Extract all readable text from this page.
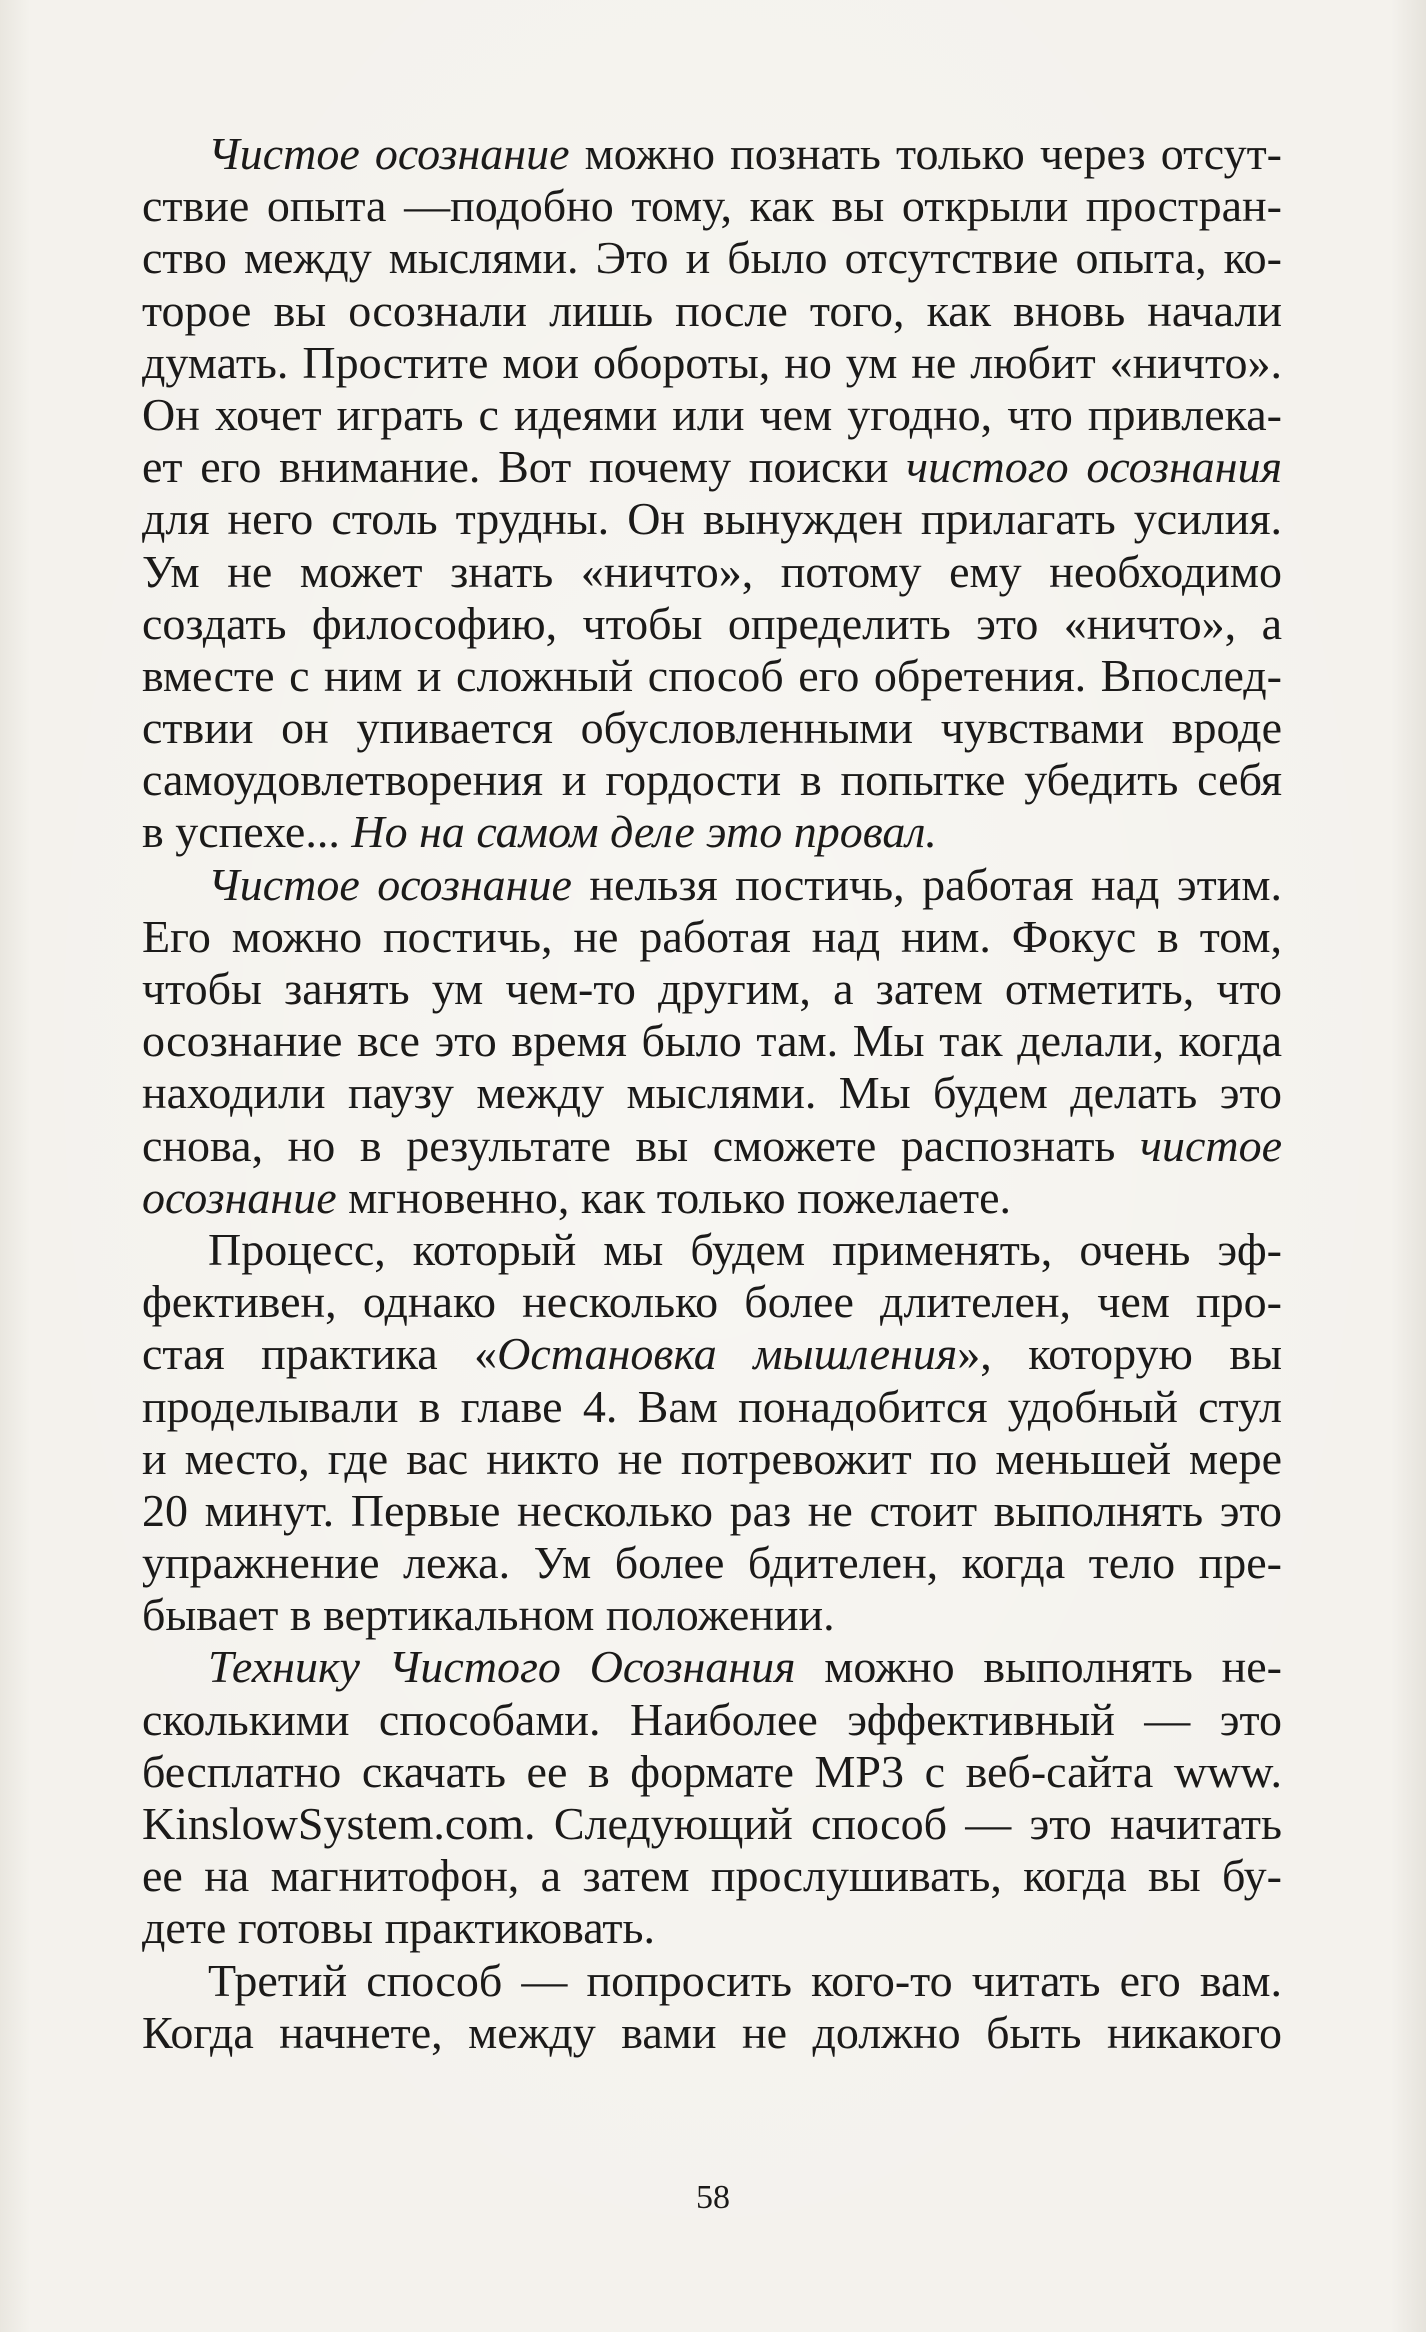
Чистое осознание можно познать только через отсут-
ствие опыта —подобно тому, как вы открыли простран-
ство между мыслями. Это и было отсутствие опыта, ко-
торое вы осознали лишь после того, как вновь начали
думать. Простите мои обороты, но ум не любит «ничто».
Он хочет играть с идеями или чем угодно, что привлека-
ет его внимание. Вот почему поиски чистого осознания
для него столь трудны. Он вынужден прилагать усилия.
Ум не может знать «ничто», потому ему необходимо
создать философию, чтобы определить это «ничто», а
вместе с ним и сложный способ его обретения. Впослед-
ствии он упивается обусловленными чувствами вроде
самоудовлетворения и гордости в попытке убедить себя
в успехе... Но на самом деле это провал.
Чистое осознание нельзя постичь, работая над этим.
Его можно постичь, не работая над ним. Фокус в том,
чтобы занять ум чем-то другим, а затем отметить, что
осознание все это время было там. Мы так делали, когда
находили паузу между мыслями. Мы будем делать это
снова, но в результате вы сможете распознать чистое
осознание мгновенно, как только пожелаете.
Процесс, который мы будем применять, очень эф-
фективен, однако несколько более длителен, чем про-
стая практика «Остановка мышления», которую вы
проделывали в главе 4. Вам понадобится удобный стул
и место, где вас никто не потревожит по меньшей мере
20 минут. Первые несколько раз не стоит выполнять это
упражнение лежа. Ум более бдителен, когда тело пре-
бывает в вертикальном положении.
Технику Чистого Осознания можно выполнять не-
сколькими способами. Наиболее эффективный — это
бесплатно скачать ее в формате MP3 с веб-сайта www.
KinslowSystem.com. Следующий способ — это начитать
ее на магнитофон, а затем прослушивать, когда вы бу-
дете готовы практиковать.
Третий способ — попросить кого-то читать его вам.
Когда начнете, между вами не должно быть никакого
58
